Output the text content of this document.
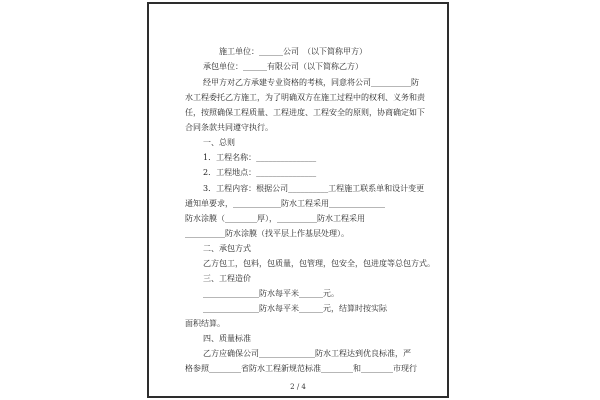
施工单位：______公司　（以下简称甲方）
承包单位：______有限公司（以下简称乙方）
经甲方对乙方承建专业资格的考核，同意将公司__________防
水工程委托乙方施工，为了明确双方在施工过程中的权利、义务和责
任，按照确保工程质量、工程进度、工程安全的原则，协商确定如下
合同条款共同遵守执行。
一、总则
1．工程名称：_______________
2．工程地点：_______________
3．工程内容：根据公司__________工程施工联系单和设计变更
通知单要求，____________防水工程采用______________
防水涂膜（________厚），__________防水工程采用
__________防水涂膜（找平层上作基层处理）。
二、承包方式
乙方包工，包料，包质量，包管理，包安全，包进度等总包方式。
三、工程造价
______________防水每平米______元。
______________防水每平米______元，结算时按实际
面积结算。
四、质量标准
乙方应确保公司______________防水工程达到优良标准，严
格参照________省防水工程新规范标准________和________市现行
2 / 4
